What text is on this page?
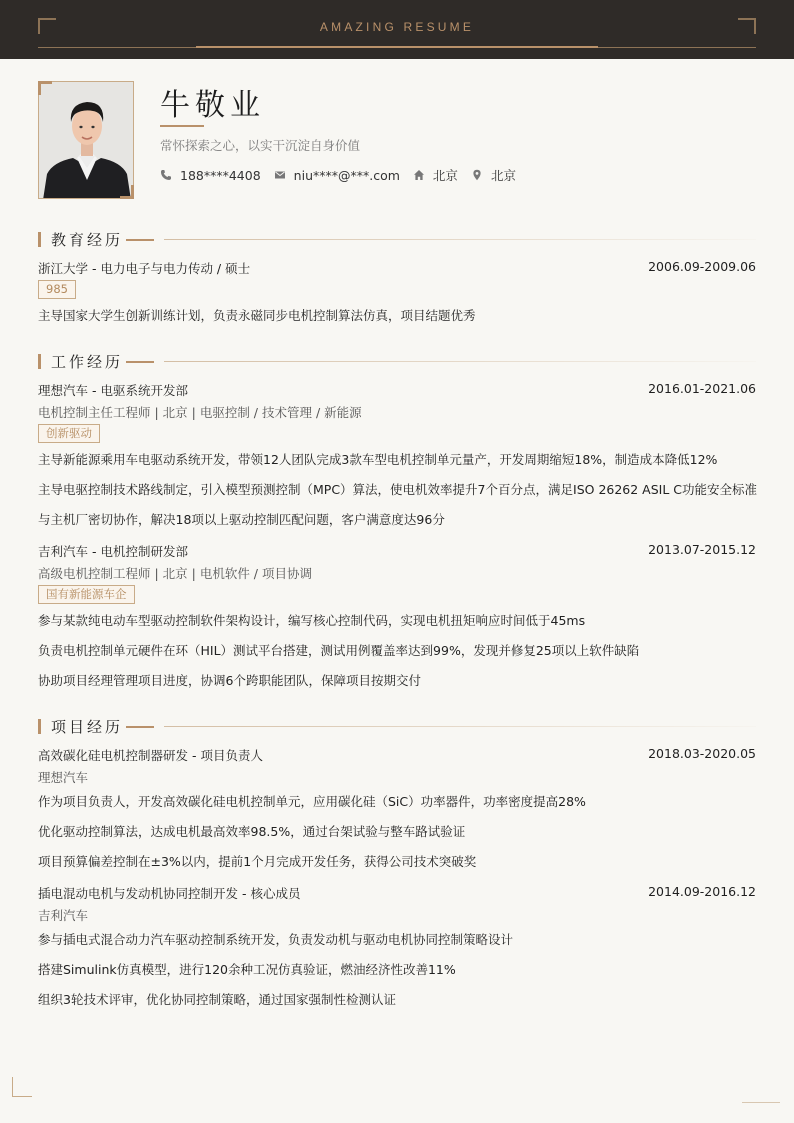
AMAZING RESUME
牛敬业
常怀探索之心，以实干沉淀自身价值
188****4408	niu****@***.com	北京	北京
教育经历
浙江大学 - 电力电子与电力传动 / 硕士	2006.09-2009.06
985
主导国家大学生创新训练计划，负责永磁同步电机控制算法仿真，项目结题优秀
工作经历
理想汽车 - 电驱系统开发部	2016.01-2021.06
电机控制主任工程师 | 北京 | 电驱控制 / 技术管理 / 新能源
创新驱动
主导新能源乘用车电驱动系统开发，带领12人团队完成3款车型电机控制单元量产，开发周期缩短18%，制造成本降低12%
主导电驱控制技术路线制定，引入模型预测控制（MPC）算法，使电机效率提升7个百分点，满足ISO 26262 ASIL C功能安全标准
与主机厂密切协作，解决18项以上驱动控制匹配问题，客户满意度达96分
吉利汽车 - 电机控制研发部	2013.07-2015.12
高级电机控制工程师 | 北京 | 电机软件 / 项目协调
国有新能源车企
参与某款纯电动车型驱动控制软件架构设计，编写核心控制代码，实现电机扭矩响应时间低于45ms
负责电机控制单元硬件在环（HIL）测试平台搭建，测试用例覆盖率达到99%，发现并修复25项以上软件缺陷
协助项目经理管理项目进度，协调6个跨职能团队，保障项目按期交付
项目经历
高效碳化硅电机控制器研发 - 项目负责人	2018.03-2020.05
理想汽车
作为项目负责人，开发高效碳化硅电机控制单元，应用碳化硅（SiC）功率器件，功率密度提高28%
优化驱动控制算法，达成电机最高效率98.5%，通过台架试验与整车路试验证
项目预算偏差控制在±3%以内，提前1个月完成开发任务，获得公司技术突破奖
插电混动电机与发动机协同控制开发 - 核心成员	2014.09-2016.12
吉利汽车
参与插电式混合动力汽车驱动控制系统开发，负责发动机与驱动电机协同控制策略设计
搭建Simulink仿真模型，进行120余种工况仿真验证，燃油经济性改善11%
组织3轮技术评审，优化协同控制策略，通过国家强制性检测认证
